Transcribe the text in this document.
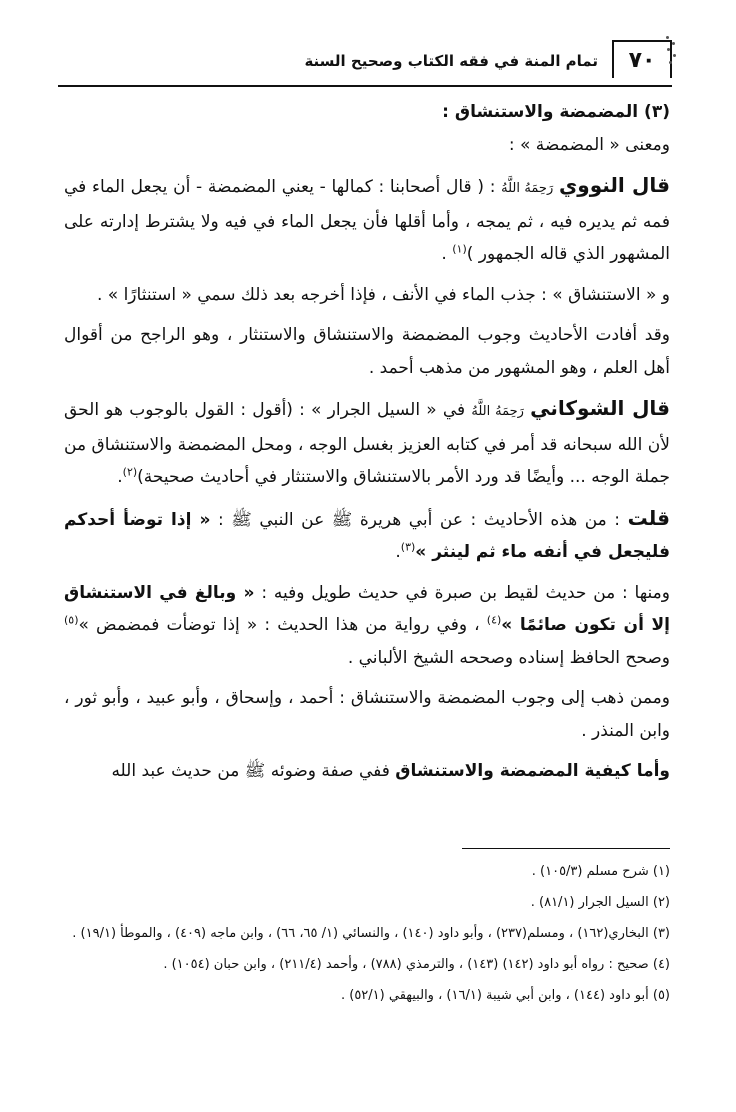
تمام المنة في فقه الكتاب وصحيح السنة	٧٠

(٣) المضمضة والاستنشاق :

ومعنى « المضمضة » :

قال النووي رَحِمَهُ اللَّهُ : ( قال أصحابنا : كمالها - يعني المضمضة - أن يجعل الماء في فمه ثم يديره فيه ، ثم يمجه ، وأما أقلها فأن يجعل الماء في فيه ولا يشترط إدارته على المشهور الذي قاله الجمهور )$^{(١)}$ .

و « الاستنشاق » : جذب الماء في الأنف ، فإذا أخرجه بعد ذلك سمي « استنثارًا » .

وقد أفادت الأحاديث وجوب المضمضة والاستنشاق والاستنثار ، وهو الراجح من أقوال أهل العلم ، وهو المشهور من مذهب أحمد .

قال الشوكاني رَحِمَهُ اللَّهُ في « السيل الجرار » : (أقول : القول بالوجوب هو الحق لأن الله سبحانه قد أمر في كتابه العزيز بغسل الوجه ، ومحل المضمضة والاستنشاق من جملة الوجه ... وأيضًا قد ورد الأمر بالاستنشاق والاستنثار في أحاديث صحيحة)$^{(٢)}$.

قلت : من هذه الأحاديث : عن أبي هريرة ﷺ عن النبي ﷺ : « إذا توضأ أحدكم فليجعل في أنفه ماء ثم لينثر »$^{(٣)}$.

ومنها : من حديث لقيط بن صبرة في حديث طويل وفيه : « وبالغ في الاستنشاق إلا أن تكون صائمًا »$^{(٤)}$ ، وفي رواية من هذا الحديث : « إذا توضأت فمضمض »$^{(٥)}$ وصحح الحافظ إسناده وصححه الشيخ الألباني .

وممن ذهب إلى وجوب المضمضة والاستنشاق : أحمد ، وإسحاق ، وأبو عبيد ، وأبو ثور ، وابن المنذر .

وأما كيفية المضمضة والاستنشاق ففي صفة وضوئه ﷺ من حديث عبد الله

(١) شرح مسلم (١٠٥/٣) .
(٢) السيل الجرار (٨١/١) .
(٣) البخاري(١٦٢) ، ومسلم(٢٣٧) ، وأبو داود (١٤٠) ، والنسائي (١/ ٦٥، ٦٦) ، وابن ماجه (٤٠٩) ، والموطأ (١٩/١) .
(٤) صحيح : رواه أبو داود (١٤٢) (١٤٣) ، والترمذي (٧٨٨) ، وأحمد (٢١١/٤) ، وابن حبان (١٠٥٤) .
(٥) أبو داود (١٤٤) ، وابن أبي شيبة (١٦/١) ، والبيهقي (٥٢/١) .
